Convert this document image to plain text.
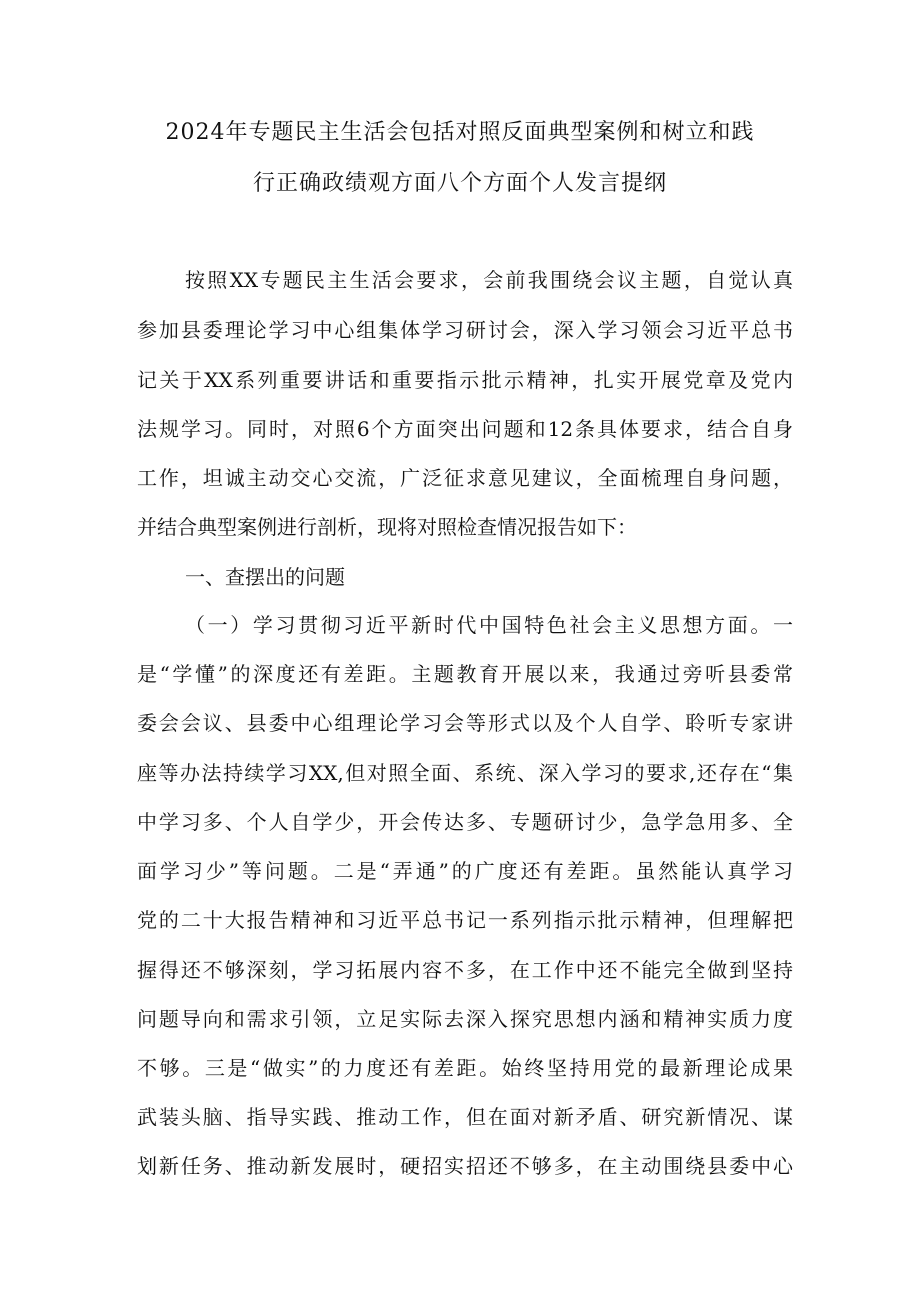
2024年专题民主生活会包括对照反面典型案例和树立和践
行正确政绩观方面八个方面个人发言提纲
按照XX专题民主生活会要求，会前我围绕会议主题，自觉认真
参加县委理论学习中心组集体学习研讨会，深入学习领会习近平总书
记关于XX系列重要讲话和重要指示批示精神，扎实开展党章及党内
法规学习。同时，对照6个方面突出问题和12条具体要求，结合自身
工作，坦诚主动交心交流，广泛征求意见建议，全面梳理自身问题，
并结合典型案例进行剖析，现将对照检查情况报告如下：
一、查摆出的问题
（一）学习贯彻习近平新时代中国特色社会主义思想方面。一
是“学懂”的深度还有差距。主题教育开展以来，我通过旁听县委常
委会会议、县委中心组理论学习会等形式以及个人自学、聆听专家讲
座等办法持续学习XX,但对照全面、系统、深入学习的要求,还存在“集
中学习多、个人自学少，开会传达多、专题研讨少，急学急用多、全
面学习少”等问题。二是“弄通”的广度还有差距。虽然能认真学习
党的二十大报告精神和习近平总书记一系列指示批示精神，但理解把
握得还不够深刻，学习拓展内容不多，在工作中还不能完全做到坚持
问题导向和需求引领，立足实际去深入探究思想内涵和精神实质力度
不够。三是“做实”的力度还有差距。始终坚持用党的最新理论成果
武装头脑、指导实践、推动工作，但在面对新矛盾、研究新情况、谋
划新任务、推动新发展时，硬招实招还不够多，在主动围绕县委中心
